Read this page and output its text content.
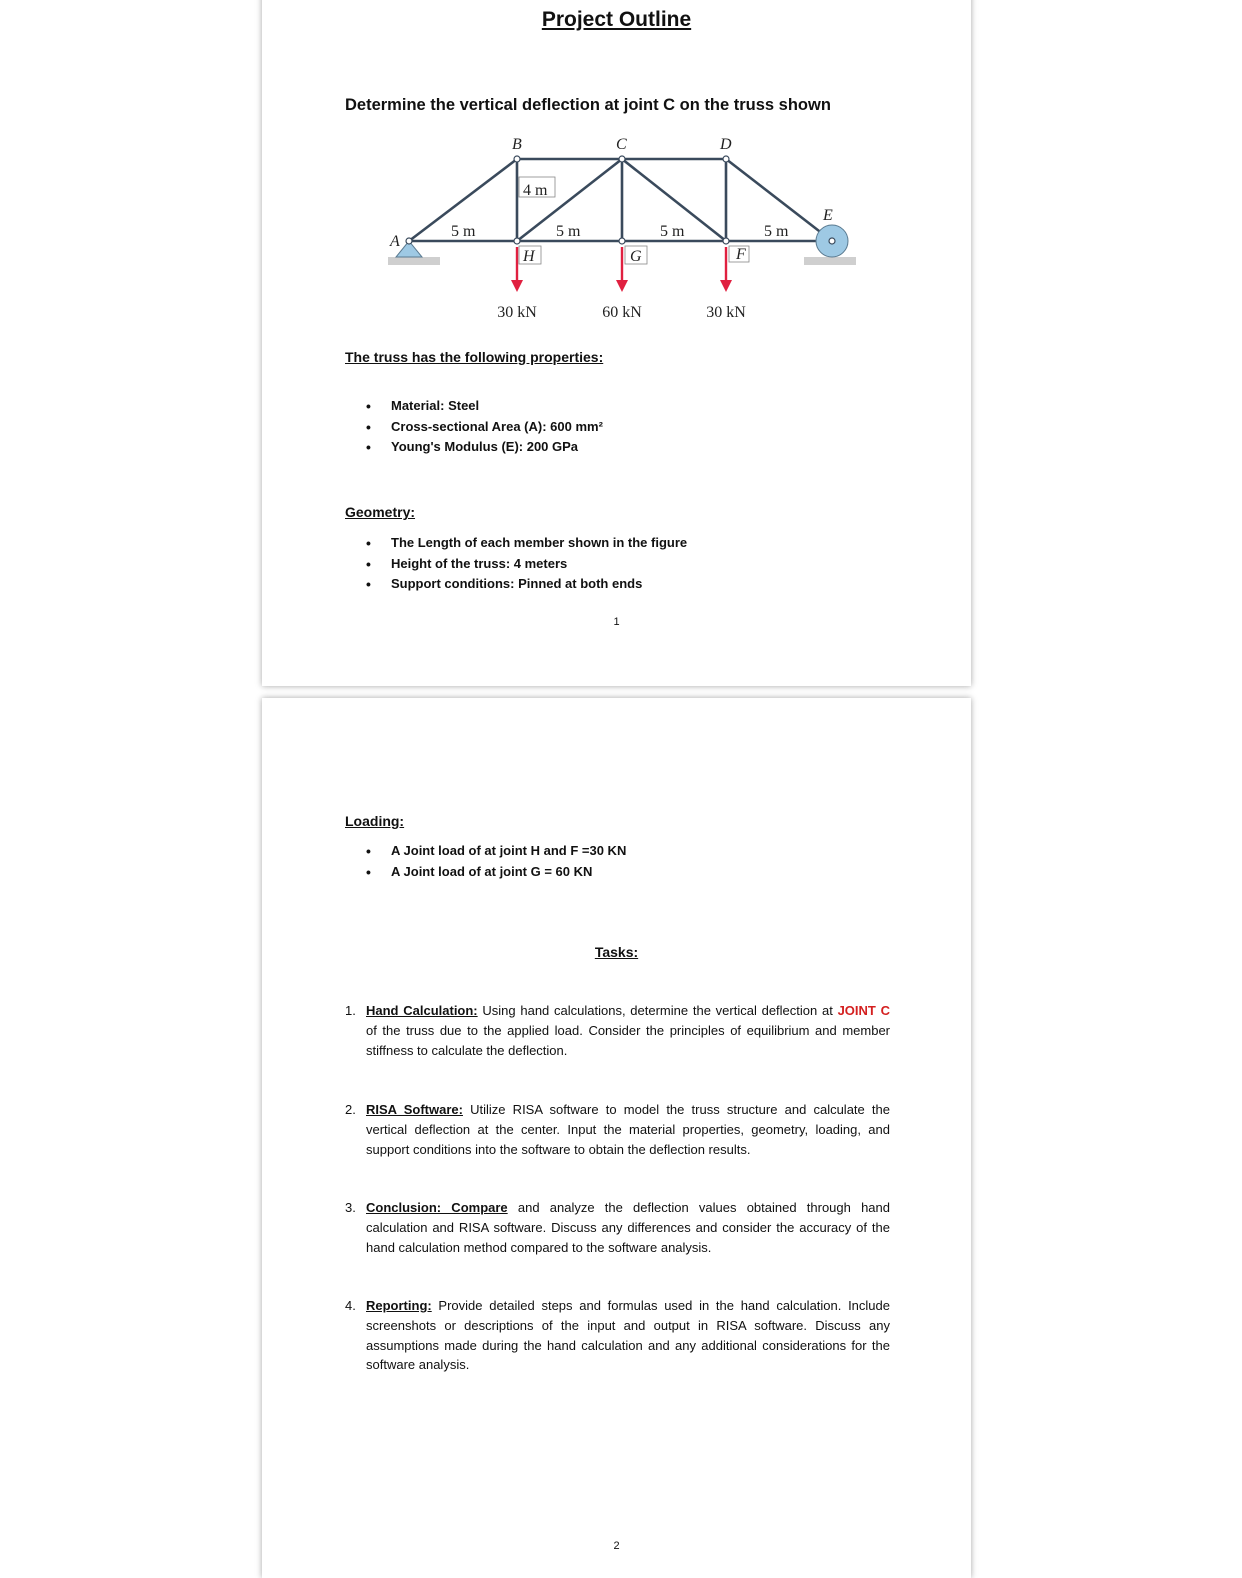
Project Outline

Determine the vertical deflection at joint C on the truss shown

A
B	C	D
E
H	G	F
4 m
5 m	5 m	5 m	5 m
30 kN	60 kN	30 kN

The truss has the following properties:

• Material: Steel
• Cross-sectional Area (A): 600 mm²
• Young's Modulus (E): 200 GPa

Geometry:

• The Length of each member shown in the figure
• Height of the truss: 4 meters
• Support conditions: Pinned at both ends

1

Loading:

• A Joint load of at joint H and F =30 KN
• A Joint load of at joint G = 60 KN

Tasks:

1. Hand Calculation: Using hand calculations, determine the vertical deflection at JOINT C of the truss due to the applied load. Consider the principles of equilibrium and member stiffness to calculate the deflection.
2. RISA Software: Utilize RISA software to model the truss structure and calculate the vertical deflection at the center. Input the material properties, geometry, loading, and support conditions into the software to obtain the deflection results.
3. Conclusion: Compare and analyze the deflection values obtained through hand calculation and RISA software. Discuss any differences and consider the accuracy of the hand calculation method compared to the software analysis.
4. Reporting: Provide detailed steps and formulas used in the hand calculation. Include screenshots or descriptions of the input and output in RISA software. Discuss any assumptions made during the hand calculation and any additional considerations for the software analysis.

2
